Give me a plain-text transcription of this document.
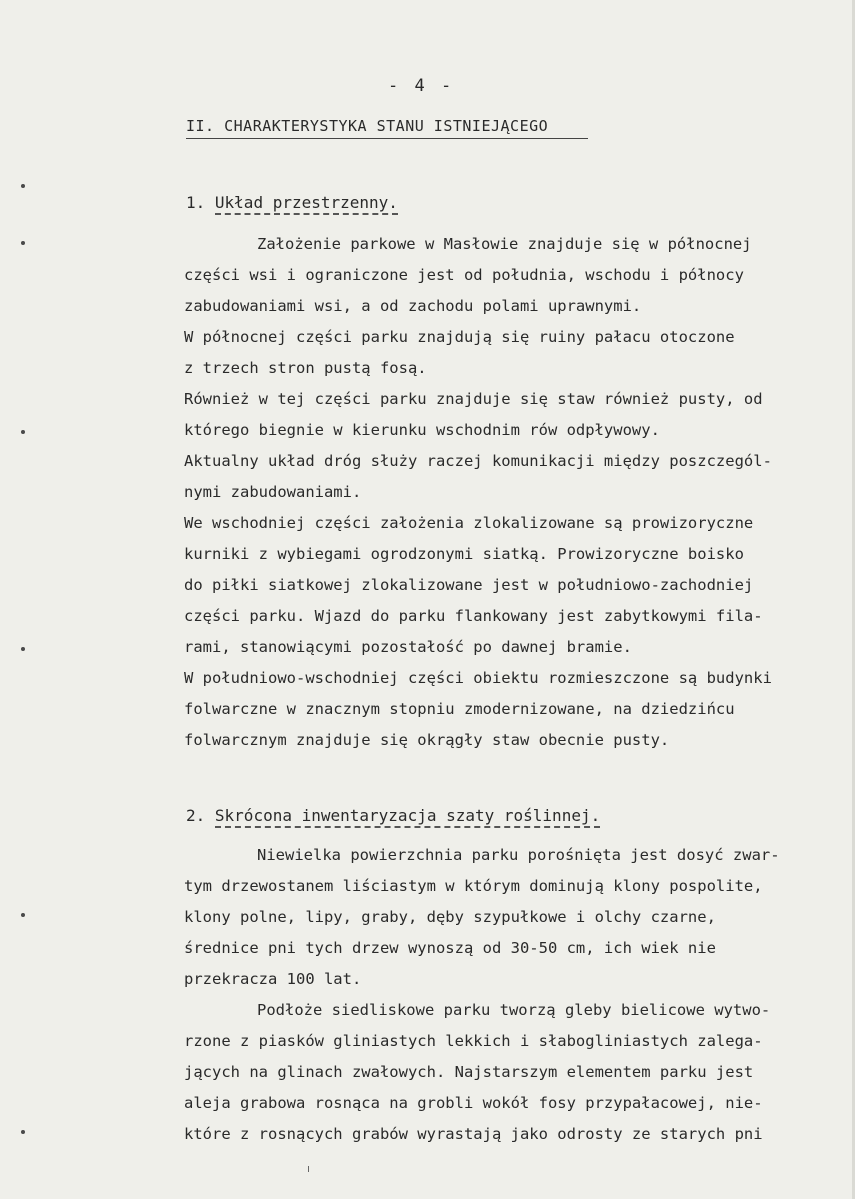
- 4 -
II. CHARAKTERYSTYKA STANU ISTNIEJĄCEGO
1. Układ przestrzenny.
Założenie parkowe w Masłowie znajduje się w północnej
części wsi i ograniczone jest od południa, wschodu i północy
zabudowaniami wsi, a od zachodu polami uprawnymi.
W północnej części parku znajdują się ruiny pałacu otoczone
z trzech stron pustą fosą.
Również w tej części parku znajduje się staw również pusty, od
którego biegnie w kierunku wschodnim rów odpływowy.
Aktualny układ dróg służy raczej komunikacji między poszczegól-
nymi zabudowaniami.
We wschodniej części założenia zlokalizowane są prowizoryczne
kurniki z wybiegami ogrodzonymi siatką. Prowizoryczne boisko
do piłki siatkowej zlokalizowane jest w południowo-zachodniej
części parku. Wjazd do parku flankowany jest zabytkowymi fila-
rami, stanowiącymi pozostałość po dawnej bramie.
W południowo-wschodniej części obiektu rozmieszczone są budynki
folwarczne w znacznym stopniu zmodernizowane, na dziedzińcu
folwarcznym znajduje się okrągły staw obecnie pusty.
2. Skrócona inwentaryzacja szaty roślinnej.
Niewielka powierzchnia parku porośnięta jest dosyć zwar-
tym drzewostanem liściastym w którym dominują klony pospolite,
klony polne, lipy, graby, dęby szypułkowe i olchy czarne,
średnice pni tych drzew wynoszą od 30-50 cm, ich wiek nie
przekracza 100 lat.
Podłoże siedliskowe parku tworzą gleby bielicowe wytwo-
rzone z piasków gliniastych lekkich i słabogliniastych zalega-
jących na glinach zwałowych. Najstarszym elementem parku jest
aleja grabowa rosnąca na grobli wokół fosy przypałacowej, nie-
które z rosnących grabów wyrastają jako odrosty ze starych pni
